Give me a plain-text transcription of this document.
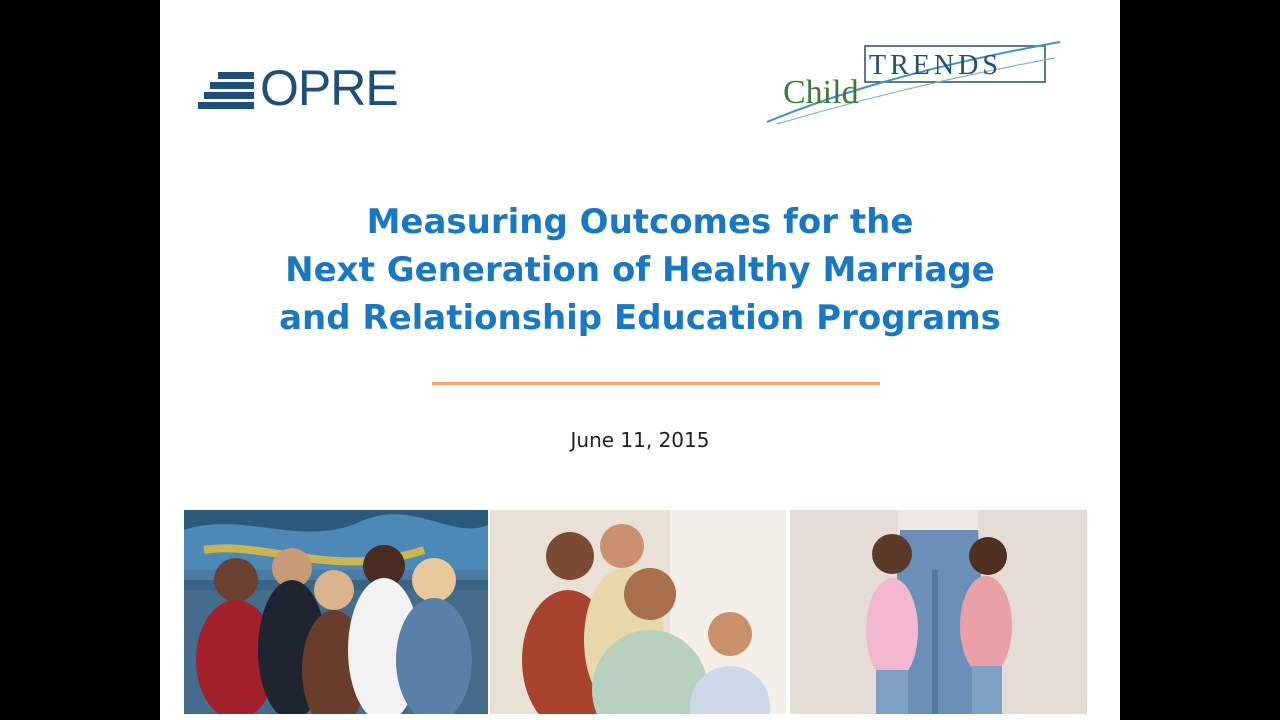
OPRE	TRENDS
Child
Measuring Outcomes for the
Next Generation of Healthy Marriage
and Relationship Education Programs
June 11, 2015
